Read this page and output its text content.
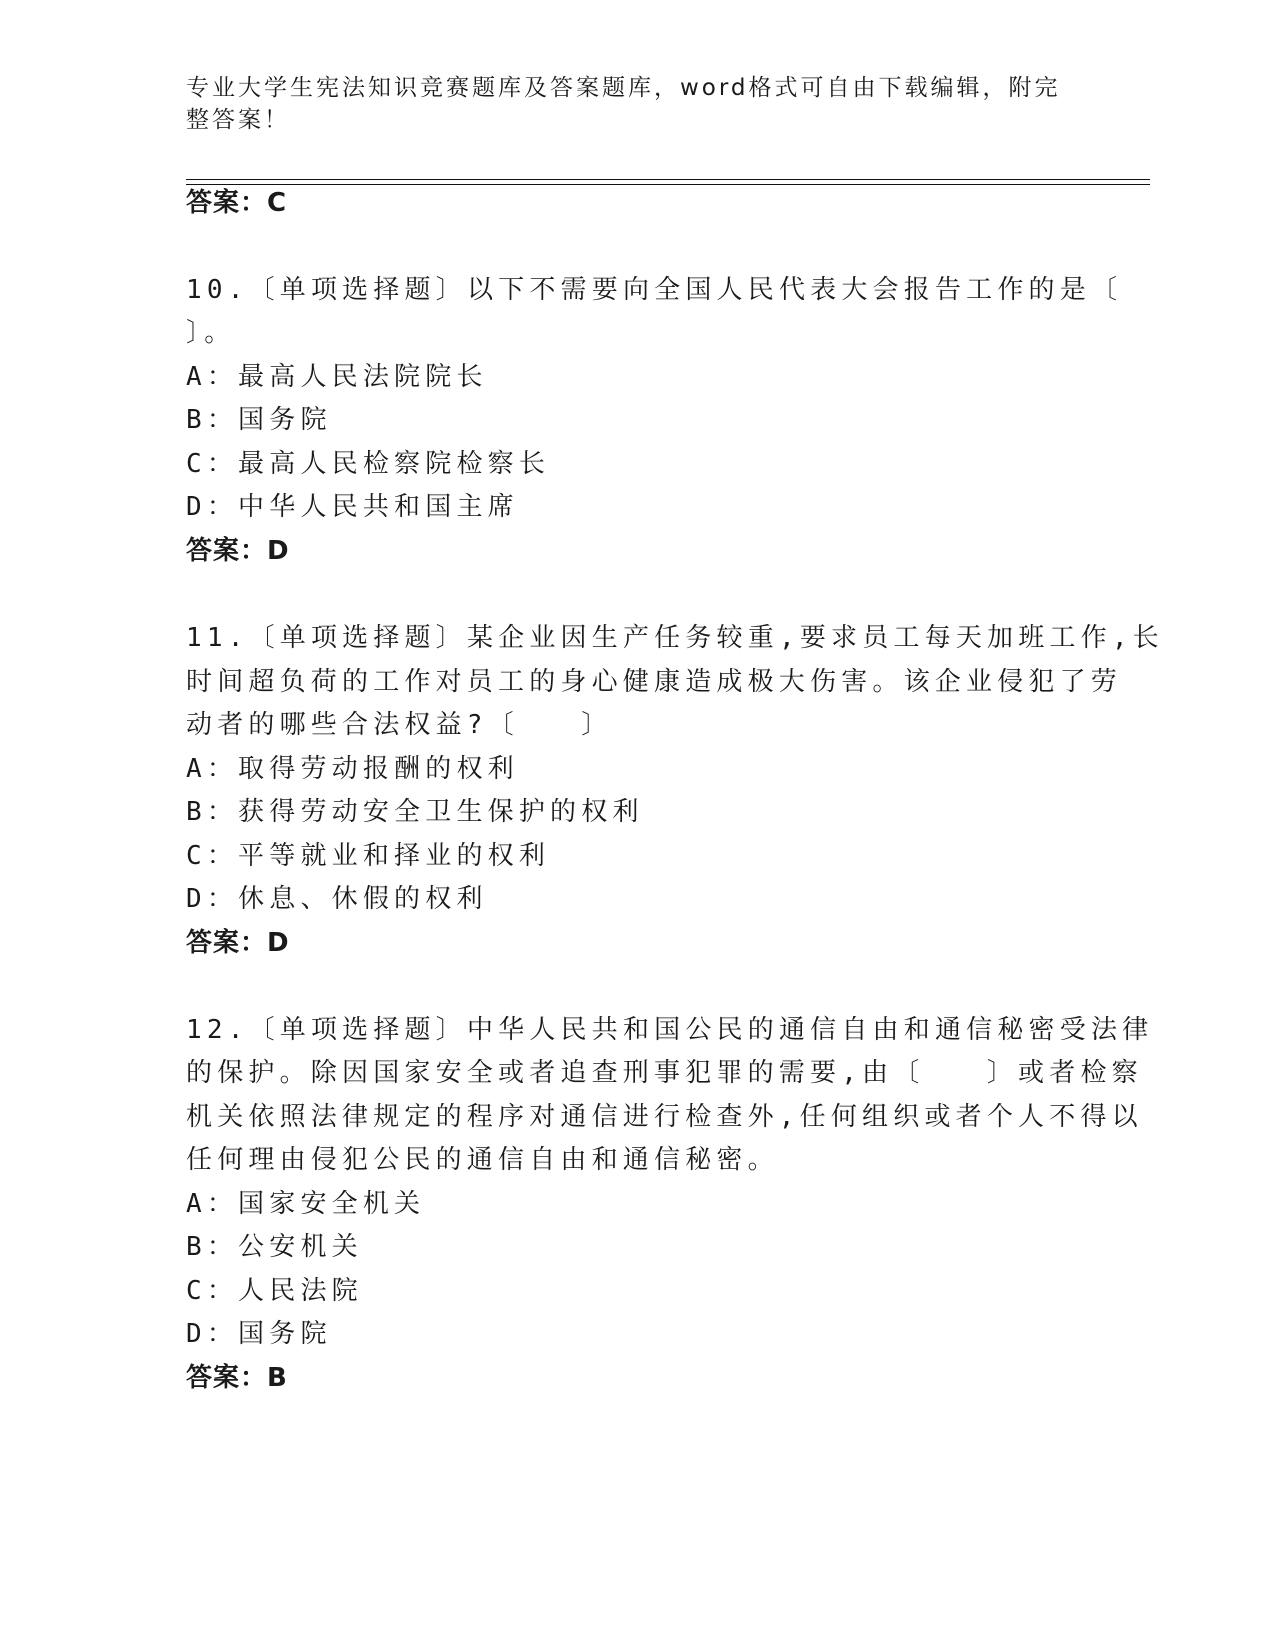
专业大学生宪法知识竞赛题库及答案题库，word格式可自由下载编辑，附完整答案！
答案：C
10.〔单项选择题〕以下不需要向全国人民代表大会报告工作的是〔
〕。
A：最高人民法院院长
B：国务院
C：最高人民检察院检察长
D：中华人民共和国主席
答案：D
11.〔单项选择题〕某企业因生产任务较重,要求员工每天加班工作,长
时间超负荷的工作对员工的身心健康造成极大伤害。该企业侵犯了劳
动者的哪些合法权益?〔　　〕
A：取得劳动报酬的权利
B：获得劳动安全卫生保护的权利
C：平等就业和择业的权利
D：休息、休假的权利
答案：D
12.〔单项选择题〕中华人民共和国公民的通信自由和通信秘密受法律
的保护。除因国家安全或者追查刑事犯罪的需要,由〔　　〕或者检察
机关依照法律规定的程序对通信进行检查外,任何组织或者个人不得以
任何理由侵犯公民的通信自由和通信秘密。
A：国家安全机关
B：公安机关
C：人民法院
D：国务院
答案：B
